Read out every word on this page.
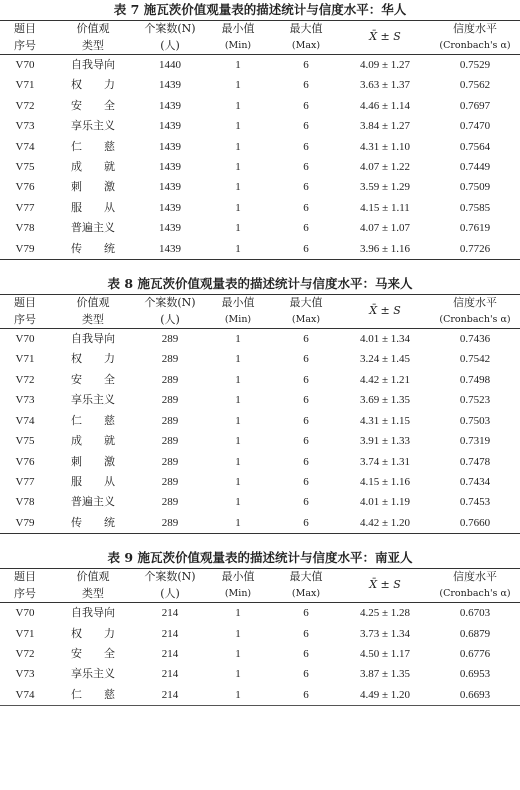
表 7 施瓦茨价值观量表的描述统计与信度水平：华人
题目	价值观	个案数(N)	最小值	最大值	X̄ ± S	信度水平
序号	类型	(人)	(Min)	(Max)		(Cronbach's α)
V70	自我导向	1440	1	6	4.09 ± 1.27	0.7529
V71	权　　力	1439	1	6	3.63 ± 1.37	0.7562
V72	安　　全	1439	1	6	4.46 ± 1.14	0.7697
V73	享乐主义	1439	1	6	3.84 ± 1.27	0.7470
V74	仁　　慈	1439	1	6	4.31 ± 1.10	0.7564
V75	成　　就	1439	1	6	4.07 ± 1.22	0.7449
V76	刺　　激	1439	1	6	3.59 ± 1.29	0.7509
V77	服　　从	1439	1	6	4.15 ± 1.11	0.7585
V78	普遍主义	1439	1	6	4.07 ± 1.07	0.7619
V79	传　　统	1439	1	6	3.96 ± 1.16	0.7726
表 8 施瓦茨价值观量表的描述统计与信度水平：马来人
题目	价值观	个案数(N)	最小值	最大值	X̄ ± S	信度水平
序号	类型	(人)	(Min)	(Max)		(Cronbach's α)
V70	自我导向	289	1	6	4.01 ± 1.34	0.7436
V71	权　　力	289	1	6	3.24 ± 1.45	0.7542
V72	安　　全	289	1	6	4.42 ± 1.21	0.7498
V73	享乐主义	289	1	6	3.69 ± 1.35	0.7523
V74	仁　　慈	289	1	6	4.31 ± 1.15	0.7503
V75	成　　就	289	1	6	3.91 ± 1.33	0.7319
V76	刺　　激	289	1	6	3.74 ± 1.31	0.7478
V77	服　　从	289	1	6	4.15 ± 1.16	0.7434
V78	普遍主义	289	1	6	4.01 ± 1.19	0.7453
V79	传　　统	289	1	6	4.42 ± 1.20	0.7660
表 9 施瓦茨价值观量表的描述统计与信度水平：南亚人
题目	价值观	个案数(N)	最小值	最大值	X̄ ± S	信度水平
序号	类型	(人)	(Min)	(Max)		(Cronbach's α)
V70	自我导向	214	1	6	4.25 ± 1.28	0.6703
V71	权　　力	214	1	6	3.73 ± 1.34	0.6879
V72	安　　全	214	1	6	4.50 ± 1.17	0.6776
V73	享乐主义	214	1	6	3.87 ± 1.35	0.6953
V74	仁　　慈	214	1	6	4.49 ± 1.20	0.6693
